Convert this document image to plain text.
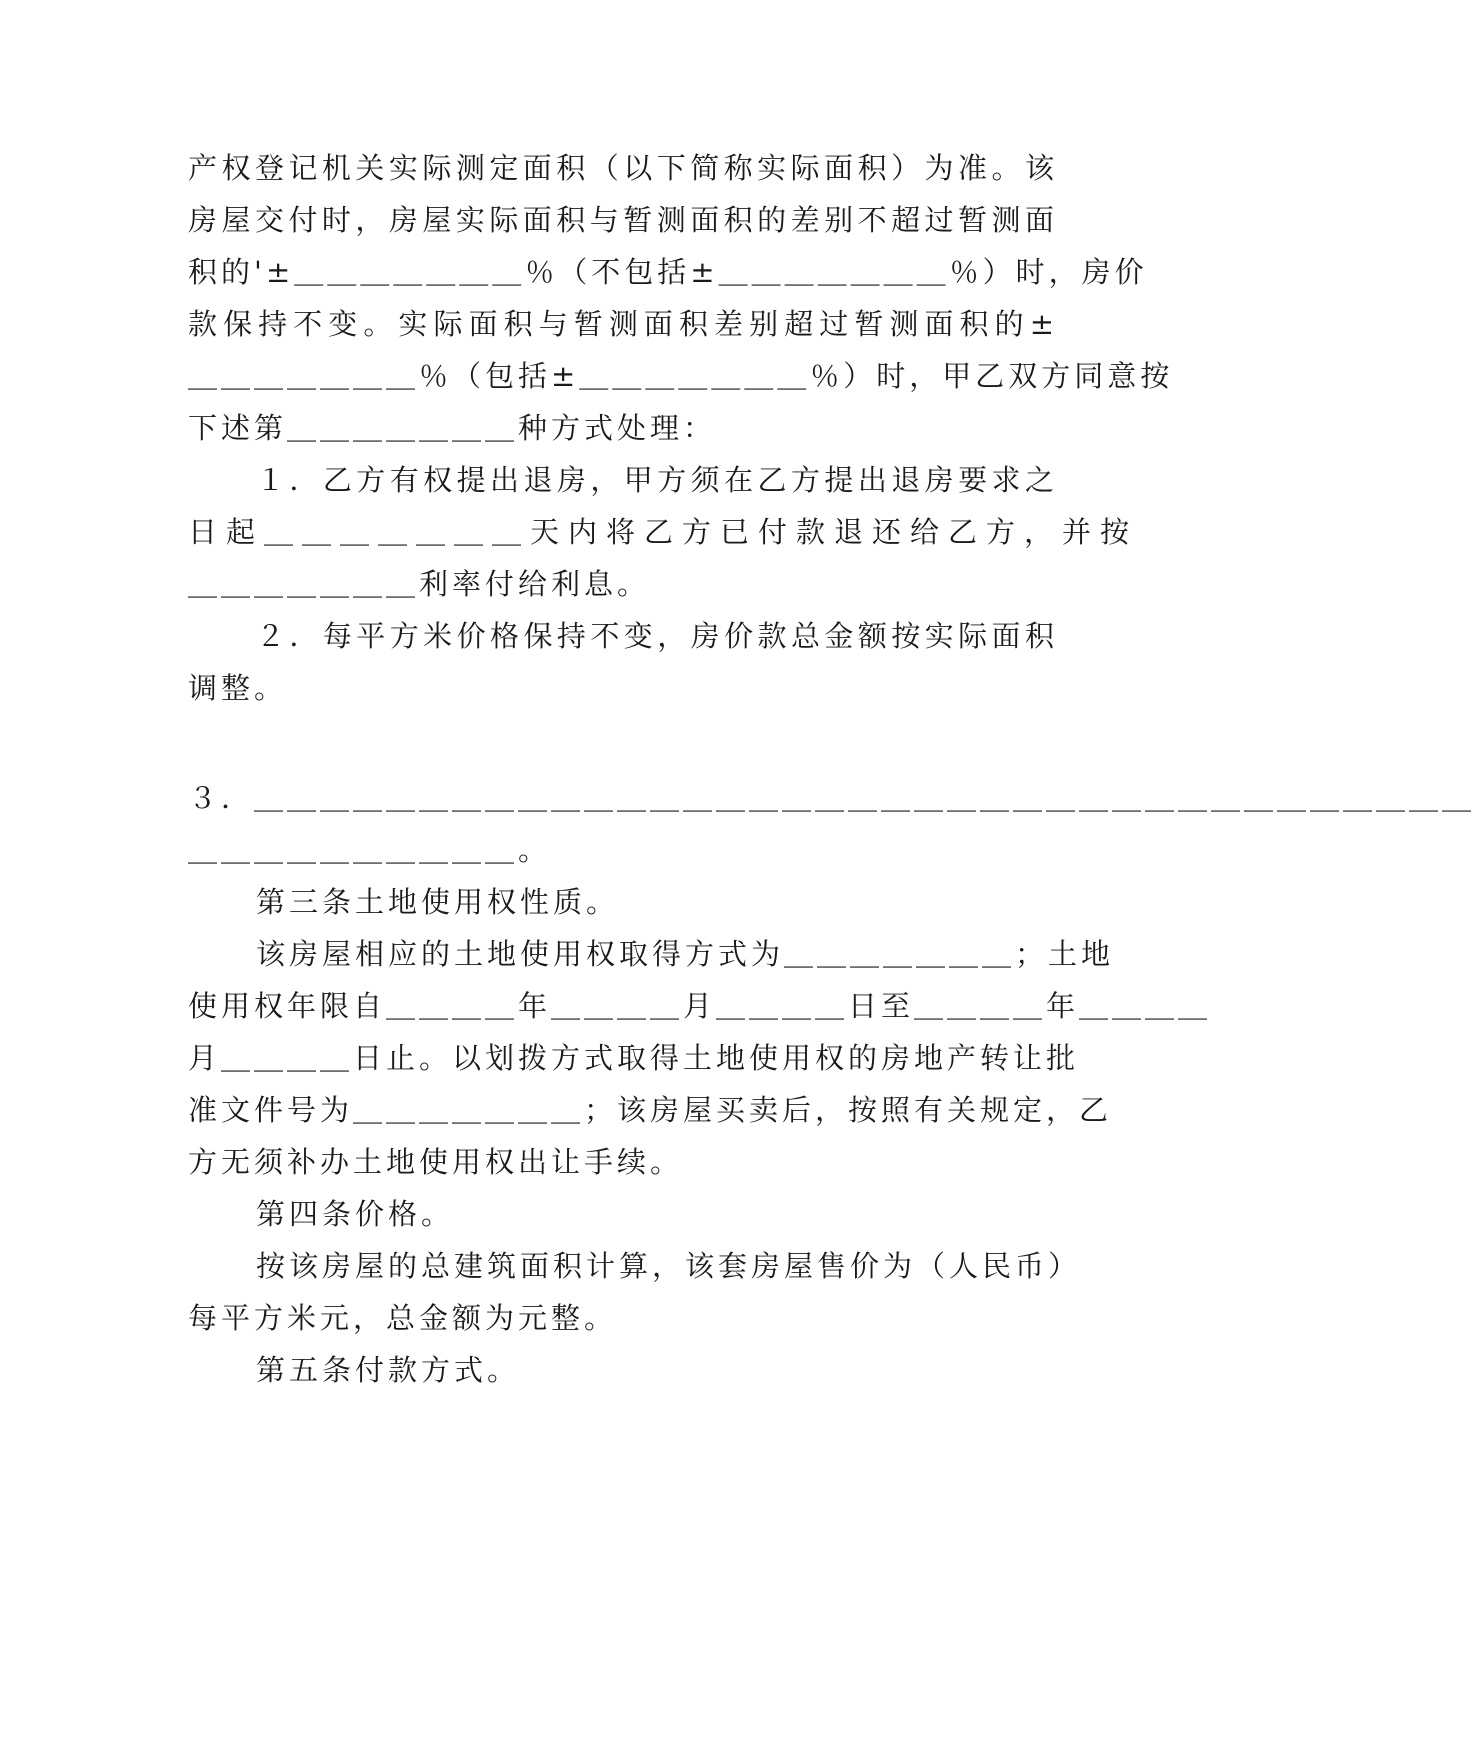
产权登记机关实际测定面积（以下简称实际面积）为准。该
房屋交付时，房屋实际面积与暂测面积的差别不超过暂测面
积的'±＿＿＿＿＿＿＿％（不包括±＿＿＿＿＿＿＿％）时，房价
款保持不变。实际面积与暂测面积差别超过暂测面积的±
＿＿＿＿＿＿＿％（包括±＿＿＿＿＿＿＿％）时，甲乙双方同意按
下述第＿＿＿＿＿＿＿种方式处理：
１．乙方有权提出退房，甲方须在乙方提出退房要求之
日起＿＿＿＿＿＿＿天内将乙方已付款退还给乙方，并按
＿＿＿＿＿＿＿利率付给利息。
２．每平方米价格保持不变，房价款总金额按实际面积
调整。
３．＿＿＿＿＿＿＿＿＿＿＿＿＿＿＿＿＿＿＿＿＿＿＿＿＿＿＿＿＿＿＿＿＿＿＿＿＿
＿＿＿＿＿＿＿＿＿＿。
第三条土地使用权性质。
该房屋相应的土地使用权取得方式为＿＿＿＿＿＿＿；土地
使用权年限自＿＿＿＿年＿＿＿＿月＿＿＿＿日至＿＿＿＿年＿＿＿＿
月＿＿＿＿日止。以划拨方式取得土地使用权的房地产转让批
准文件号为＿＿＿＿＿＿＿；该房屋买卖后，按照有关规定，乙
方无须补办土地使用权出让手续。
第四条价格。
按该房屋的总建筑面积计算，该套房屋售价为（人民币）
每平方米元，总金额为元整。
第五条付款方式。
